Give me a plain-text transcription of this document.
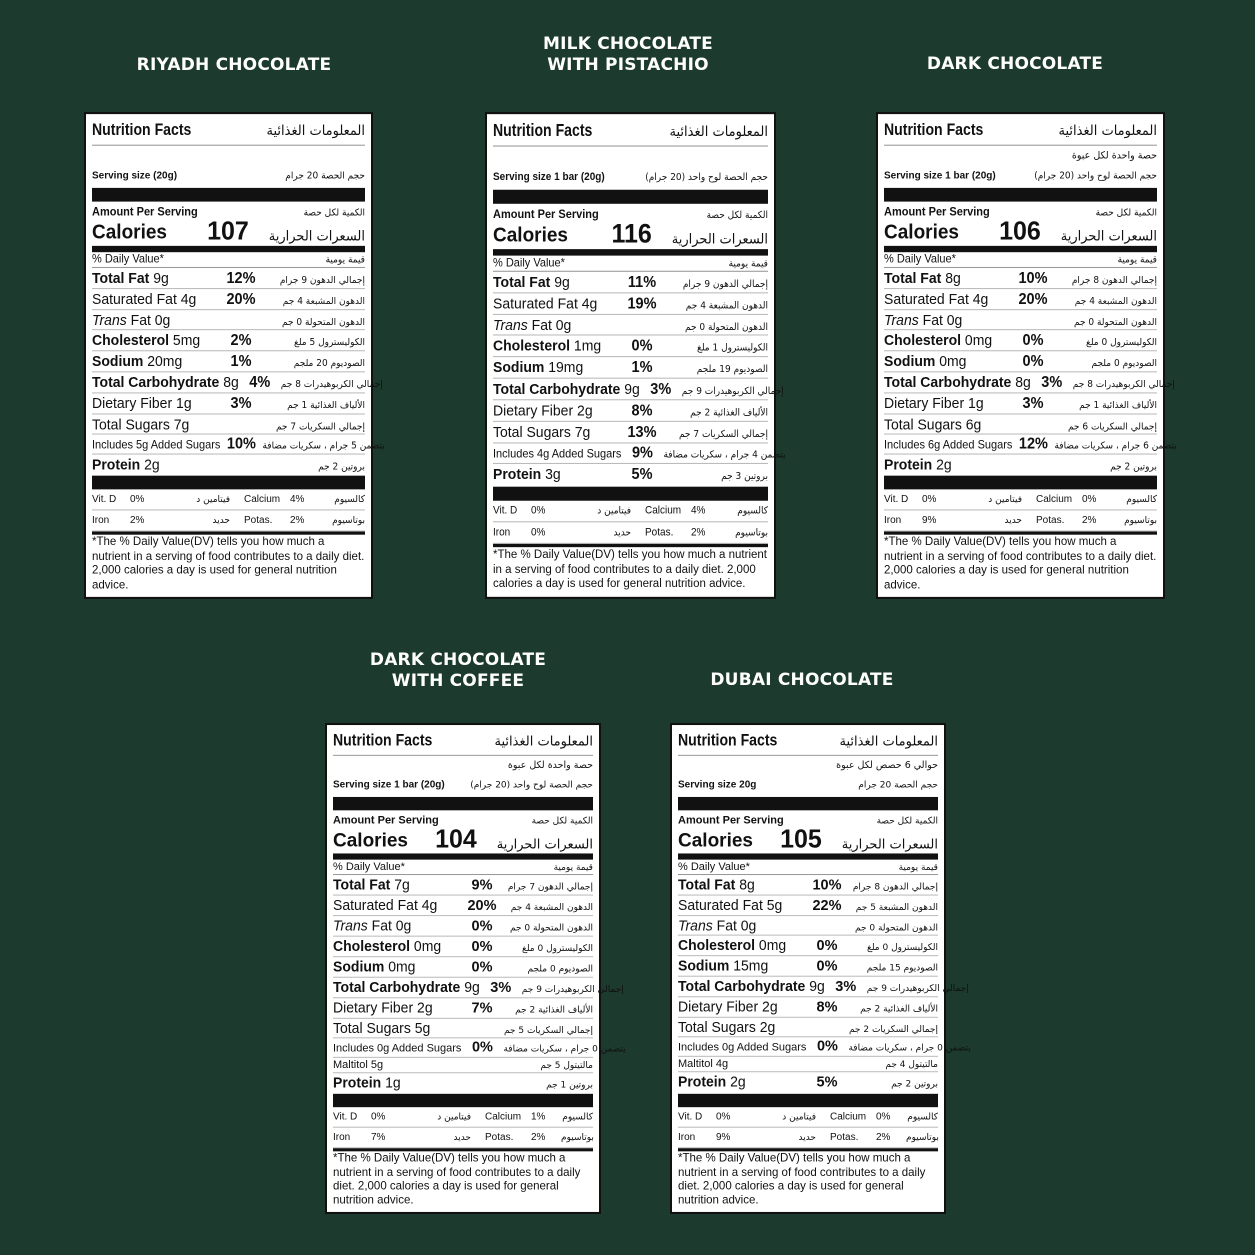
RIYADH CHOCOLATE
MILK CHOCOLATE
WITH PISTACHIO	DARK CHOCOLATE
DARK CHOCOLATE
WITH COFFEE	DUBAI CHOCOLATE
Nutrition Facts	المعلومات الغذائية
Serving size (20g)	حجم الحصة 20 جرام
Amount Per Serving	الكمية لكل حصة
Calories	107	السعرات الحرارية
% Daily Value*	قيمة يومية
Total Fat 9g	12%	إجمالي الدهون 9 جرام
Saturated Fat 4g	20%	الدهون المشبعة 4 جم
Trans Fat 0g	الدهون المتحولة 0 جم
Cholesterol 5mg	2%	الكوليسترول 5 ملغ
Sodium 20mg	1%	الصوديوم 20 ملجم
Total Carbohydrate 8g 4%	إجمالي الكربوهيدرات 8 جم
Dietary Fiber 1g	3%	الألياف الغذائية 1 جم
Total Sugars 7g	إجمالي السكريات 7 جم
Includes 5g Added Sugars 10% يتضمن 5 جرام ، سكريات مضافة
Protein 2g	بروتين 2 جم
Vit. D	0%	فيتامين د	Calcium 4%	كالسيوم
Iron	2%	حديد	Potas.	2%	بوتاسيوم
*The % Daily Value(DV) tells you how much a nutrient in a serving of food contributes to a daily diet. 2,000 calories a day is used for general nutrition advice.
Nutrition Facts	المعلومات الغذائية
Serving size 1 bar (20g)	حجم الحصة لوح واحد (20 جرام)
Amount Per Serving	الكمية لكل حصة
Calories	116	السعرات الحرارية
% Daily Value*	قيمة يومية
Total Fat 9g	11%	إجمالي الدهون 9 جرام
Saturated Fat 4g	19%	الدهون المشبعة 4 جم
Trans Fat 0g	الدهون المتحولة 0 جم
Cholesterol 1mg	0%	الكوليسترول 1 ملغ
Sodium 19mg	1%	الصوديوم 19 ملجم
Total Carbohydrate 9g 3%	إجمالي الكربوهيدرات 9 جم
Dietary Fiber 2g	8%	الألياف الغذائية 2 جم
Total Sugars 7g	13%	إجمالي السكريات 7 جم
Includes 4g Added Sugars 9%	يتضمن 4 جرام ، سكريات مضافة
Protein 3g	5%	بروتين 3 جم
Vit. D	0%	فيتامين د	Calcium 4%	كالسيوم
Iron	0%	حديد	Potas.	2%	بوتاسيوم
*The % Daily Value(DV) tells you how much a nutrient in a serving of food contributes to a daily diet. 2,000 calories a day is used for general nutrition advice.
Nutrition Facts	المعلومات الغذائية
حصة واحدة لكل عبوة
Serving size 1 bar (20g)	حجم الحصة لوح واحد (20 جرام)
Amount Per Serving	الكمية لكل حصة
Calories	106	السعرات الحرارية
% Daily Value*	قيمة يومية
Total Fat 8g	10%	إجمالي الدهون 8 جرام
Saturated Fat 4g	20%	الدهون المشبعة 4 جم
Trans Fat 0g	الدهون المتحولة 0 جم
Cholesterol 0mg	0%	الكوليسترول 0 ملغ
Sodium 0mg	0%	الصوديوم 0 ملجم
Total Carbohydrate 8g 3%	إجمالي الكربوهيدرات 8 جم
Dietary Fiber 1g	3%	الألياف الغذائية 1 جم
Total Sugars 6g	إجمالي السكريات 6 جم
Includes 6g Added Sugars 12% يتضمن 6 جرام ، سكريات مضافة
Protein 2g	بروتين 2 جم
Vit. D	0%	فيتامين د	Calcium 0%	كالسيوم
Iron	9%	حديد	Potas.	2%	بوتاسيوم
*The % Daily Value(DV) tells you how much a nutrient in a serving of food contributes to a daily diet. 2,000 calories a day is used for general nutrition advice.
Nutrition Facts	المعلومات الغذائية
حصة واحدة لكل عبوة
Serving size 1 bar (20g)	حجم الحصة لوح واحد (20 جرام)
Amount Per Serving	الكمية لكل حصة
Calories	104	السعرات الحرارية
% Daily Value*	قيمة يومية
Total Fat 7g	9%	إجمالي الدهون 7 جرام
Saturated Fat 4g	20%	الدهون المشبعة 4 جم
Trans Fat 0g	0%	الدهون المتحولة 0 جم
Cholesterol 0mg	0%	الكوليسترول 0 ملغ
Sodium 0mg	0%	الصوديوم 0 ملجم
Total Carbohydrate 9g 3%	إجمالي الكربوهيدرات 9 جم
Dietary Fiber 2g	7%	الألياف الغذائية 2 جم
Total Sugars 5g	إجمالي السكريات 5 جم
Includes 0g Added Sugars 0%	يتضمن 0 جرام ، سكريات مضافة
Maltitol 5g	مالتيتول 5 جم
Protein 1g	بروتين 1 جم
Vit. D	0%	فيتامين د	Calcium 1%	كالسيوم
Iron	7%	حديد	Potas.	2%	بوتاسيوم
*The % Daily Value(DV) tells you how much a nutrient in a serving of food contributes to a daily diet. 2,000 calories a day is used for general nutrition advice.
Nutrition Facts	المعلومات الغذائية
حوالي 6 حصص لكل عبوة
Serving size 20g	حجم الحصة 20 جرام
Amount Per Serving	الكمية لكل حصة
Calories	105	السعرات الحرارية
% Daily Value*	قيمة يومية
Total Fat 8g	10%	إجمالي الدهون 8 جرام
Saturated Fat 5g	22%	الدهون المشبعة 5 جم
Trans Fat 0g	الدهون المتحولة 0 جم
Cholesterol 0mg	0%	الكوليسترول 0 ملغ
Sodium 15mg	0%	الصوديوم 15 ملجم
Total Carbohydrate 9g 3%	إجمالي الكربوهيدرات 9 جم
Dietary Fiber 2g	8%	الألياف الغذائية 2 جم
Total Sugars 2g	إجمالي السكريات 2 جم
Includes 0g Added Sugars 0%	يتضمن 0 جرام ، سكريات مضافة
Maltitol 4g	مالتيتول 4 جم
Protein 2g	5%	بروتين 2 جم
Vit. D	0%	فيتامين د	Calcium 0%	كالسيوم
Iron	9%	حديد	Potas.	2%	بوتاسيوم
*The % Daily Value(DV) tells you how much a nutrient in a serving of food contributes to a daily diet. 2,000 calories a day is used for general nutrition advice.
